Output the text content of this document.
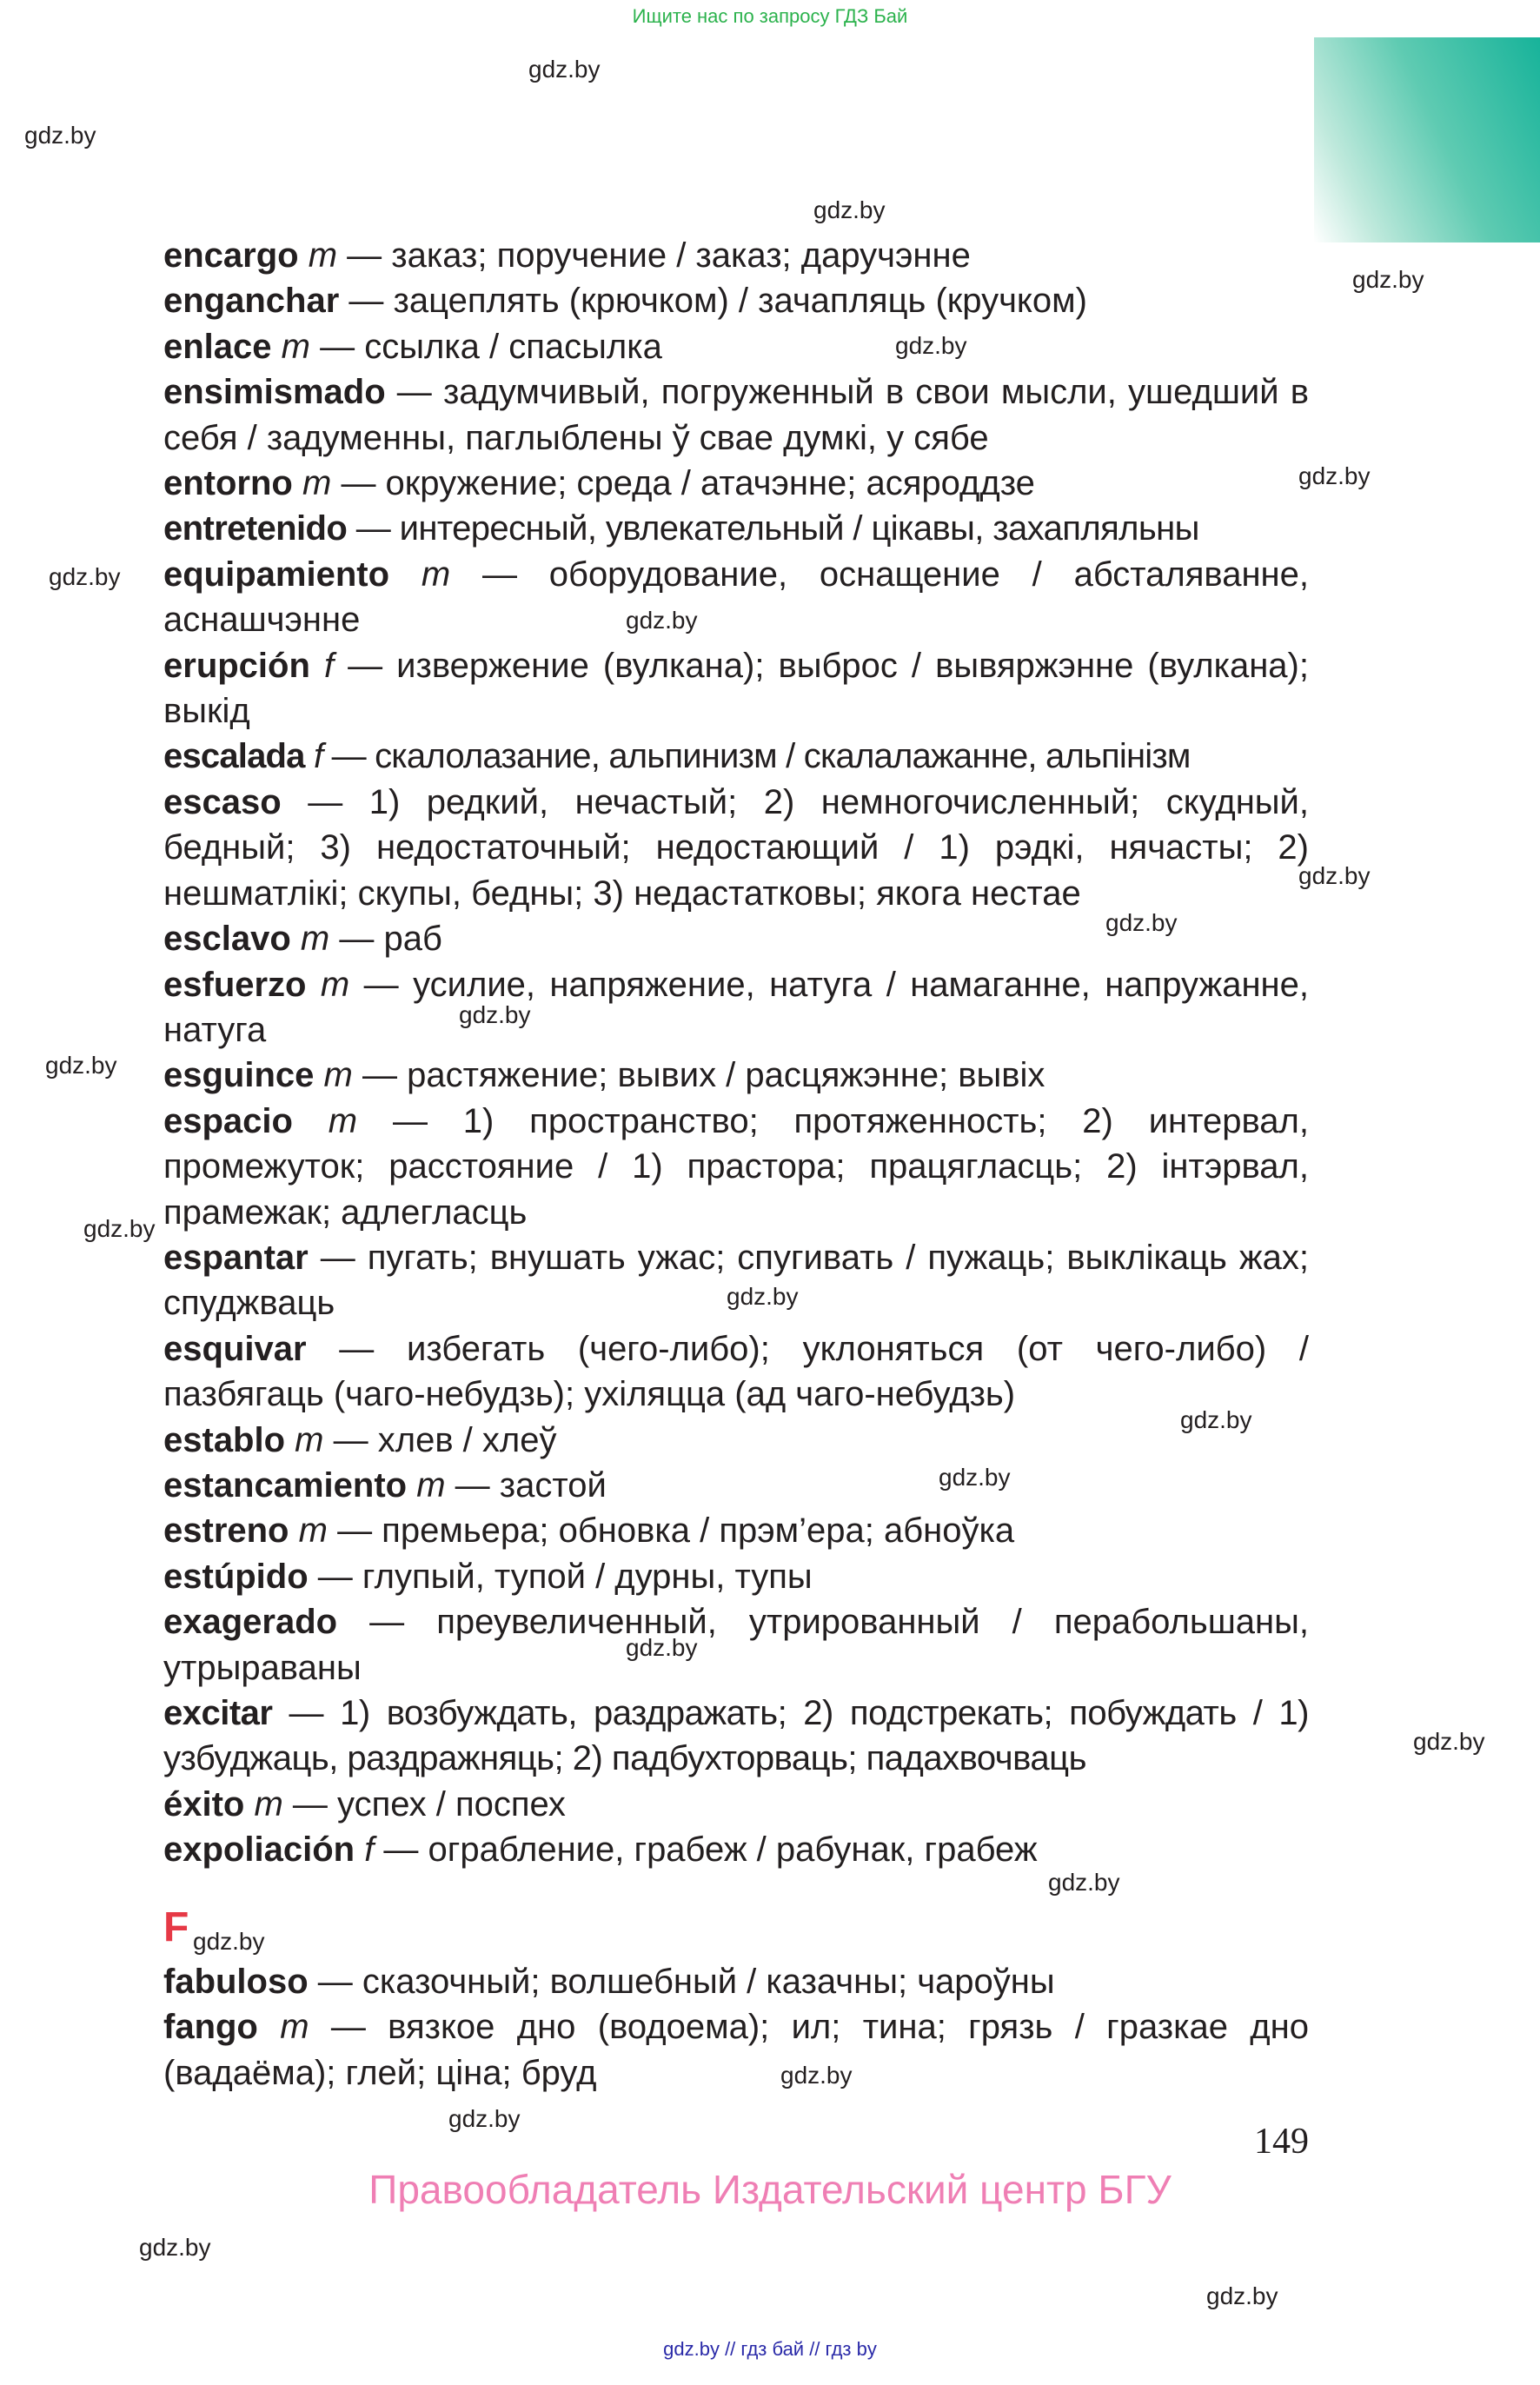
Ищите нас по запросу ГДЗ Бай
gdz.by
gdz.by
gdz.by
gdz.by
gdz.by
gdz.by
gdz.by
gdz.by
gdz.by
gdz.by
gdz.by
gdz.by
gdz.by
gdz.by
gdz.by
gdz.by
gdz.by
gdz.by
gdz.by
gdz.by
gdz.by
gdz.by
gdz.by
gdz.by
encargo m — заказ; поручение / заказ; даручэнне
enganchar — зацеплять (крючком) / зачапляць (кручком)
enlace m — ссылка / спасылка
ensimismado — задумчивый, погруженный в свои мысли, ушедший в себя / задуменны, паглыблены ў свае думкі, у сябе
entorno m — окружение; среда / атачэнне; асяроддзе
entretenido — интересный, увлекательный / цікавы, захапляльны
equipamiento m — оборудование, оснащение / абсталяванне, аснашчэнне
erupción f — извержение (вулкана); выброс / вывяржэнне (вулкана); выкід
escalada f — скалолазание, альпинизм / скалалажанне, альпінізм
escaso — 1) редкий, нечастый; 2) немногочисленный; скудный, бедный; 3) недостаточный; недостающий / 1) рэдкі, нячасты; 2) нешматлікі; скупы, бедны; 3) недастатковы; якога нестае
esclavo m — раб
esfuerzo m — усилие, напряжение, натуга / намаганне, напружанне, натуга
esguince m — растяжение; вывих / расцяжэнне; вывіх
espacio m — 1) пространство; протяженность; 2) интервал, промежуток; расстояние / 1) прастора; працягласць; 2) інтэрвал, прамежак; адлегласць
espantar — пугать; внушать ужас; спугивать / пужаць; выклікаць жах; спуджваць
esquivar — избегать (чего-либо); уклоняться (от чего-либо) / пазбягаць (чаго-небудзь); ухіляцца (ад чаго-небудзь)
establo m — хлев / хлеў
estancamiento m — застой
estreno m — премьера; обновка / прэм’ера; абноўка
estúpido — глупый, тупой / дурны, тупы
exagerado — преувеличенный, утрированный / перабольшаны, утрыраваны
excitar — 1) возбуждать, раздражать; 2) подстрекать; побуждать / 1) узбуджаць, раздражняць; 2) падбухторваць; падахвочваць
éxito m — успех / поспех
expoliación f — ограбление, грабеж / рабунак, грабеж
F
fabuloso — сказочный; волшебный / казачны; чароўны
fango m — вязкое дно (водоема); ил; тина; грязь / гразкае дно (вадаёма); глей; ціна; бруд
149
Правообладатель Издательский центр БГУ
gdz.by // гдз бай // гдз by
